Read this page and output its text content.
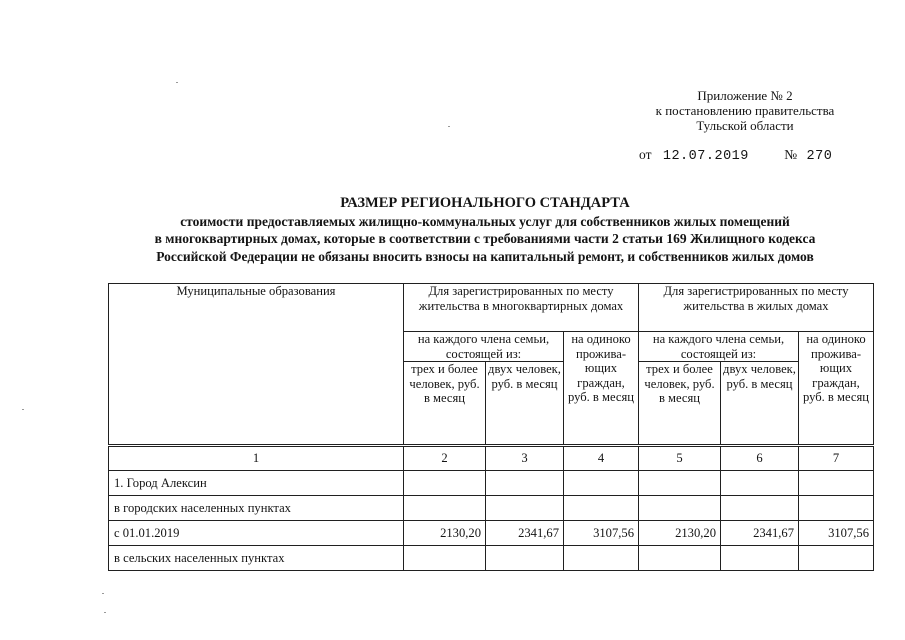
Приложение № 2
к постановлению правительства
Тульской области
от 12.07.2019	№ 270
РАЗМЕР РЕГИОНАЛЬНОГО СТАНДАРТА
стоимости предоставляемых жилищно-коммунальных услуг для собственников жилых помещений
в многоквартирных домах, которые в соответствии с требованиями части 2 статьи 169 Жилищного кодекса
Российской Федерации не обязаны вносить взносы на капитальный ремонт, и собственников жилых домов
Муниципальные образования	Для зарегистрированных по месту жительства в многоквартирных домах			Для зарегистрированных по месту жительства в жилых домах		
	на каждого члена семьи, состоящей из:		на одиноко прожива-ющих граждан, руб. в месяц	на каждого члена семьи, состоящей из:		на одиноко прожива-ющих граждан, руб. в месяц
	трех и более человек, руб. в месяц	двух человек, руб. в месяц		трех и более человек, руб. в месяц	двух человек, руб. в месяц	
1	2	3	4	5	6	7
1. Город Алексин						
в городских населенных пунктах						
с 01.01.2019	2130,20	2341,67	3107,56	2130,20	2341,67	3107,56
в сельских населенных пунктах						
